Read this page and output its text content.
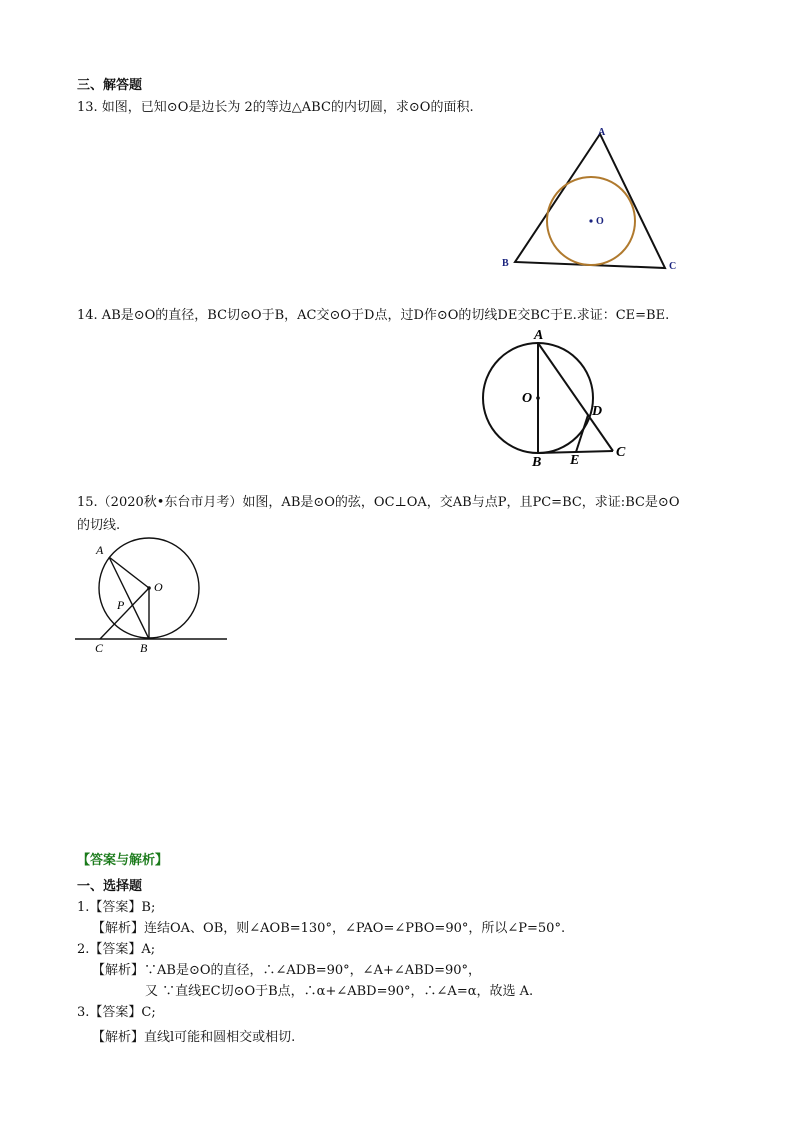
三、解答题
13. 如图，已知⊙O是边长为 2的等边△ABC的内切圆，求⊙O的面积.
A
B	C
O
14. AB是⊙O的直径，BC切⊙O于B，AC交⊙O于D点，过D作⊙O的切线DE交BC于E.求证：CE=BE.
A
O
D
B E
C
15.（2020秋•东台市月考）如图，AB是⊙O的弦，OC⊥OA，交AB与点P，且PC=BC，求证:BC是⊙O
的切线.
A
O
P
C	B
【答案与解析】
一、选择题
1.【答案】B;
【解析】连结OA、OB，则∠AOB=130°，∠PAO=∠PBO=90°，所以∠P=50°.
2.【答案】A;
【解析】∵AB是⊙O的直径，∴∠ADB=90°，∠A+∠ABD=90°，
又 ∵直线EC切⊙O于B点，∴α+∠ABD=90°，∴∠A=α，故选 A.
3.【答案】C;
【解析】直线l可能和圆相交或相切.
